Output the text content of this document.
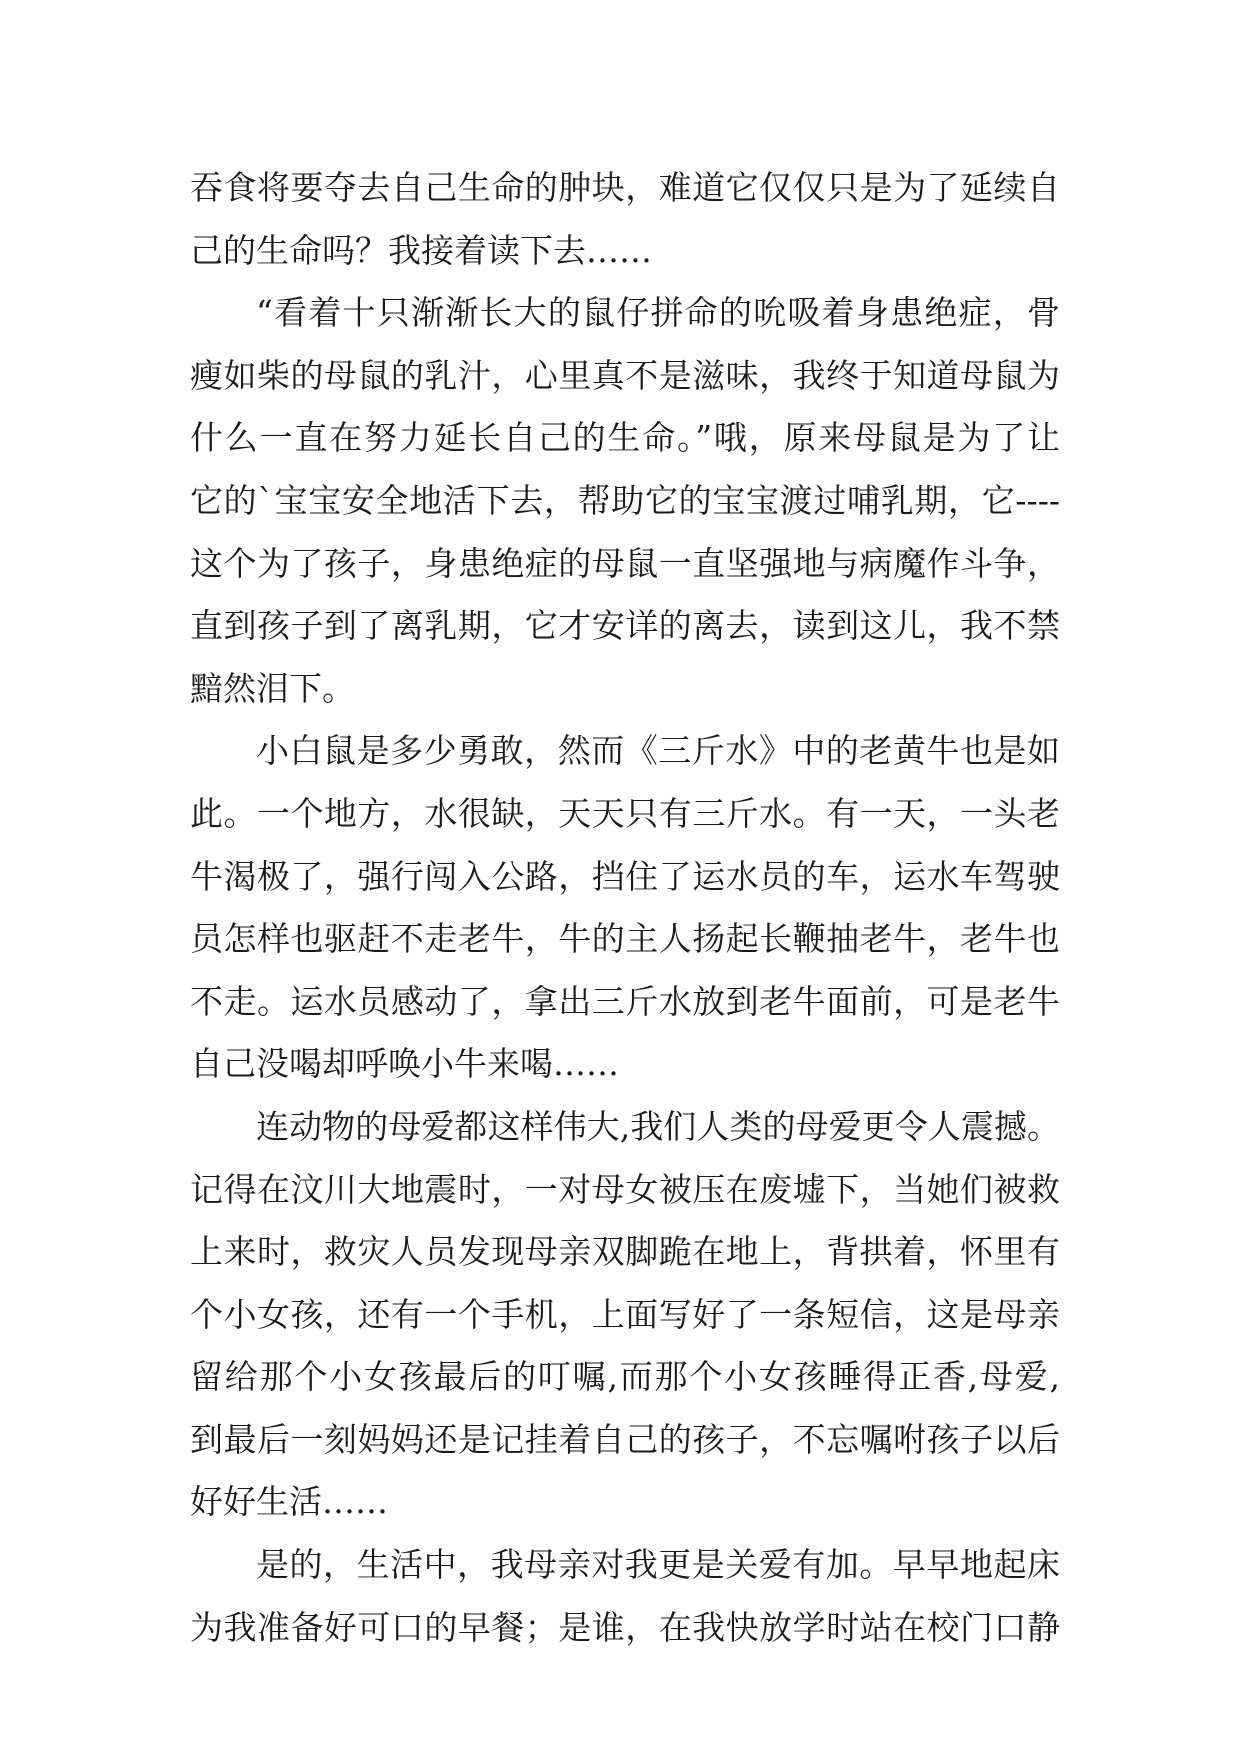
吞食将要夺去自己生命的肿块，难道它仅仅只是为了延续自
己的生命吗？我接着读下去……
“看着十只渐渐长大的鼠仔拼命的吮吸着身患绝症，骨
瘦如柴的母鼠的乳汁，心里真不是滋味，我终于知道母鼠为
什么一直在努力延长自己的生命。”哦，原来母鼠是为了让
它的`宝宝安全地活下去，帮助它的宝宝渡过哺乳期，它----
这个为了孩子，身患绝症的母鼠一直坚强地与病魔作斗争，
直到孩子到了离乳期，它才安详的离去，读到这儿，我不禁
黯然泪下。
小白鼠是多少勇敢，然而《三斤水》中的老黄牛也是如
此。一个地方，水很缺，天天只有三斤水。有一天，一头老
牛渴极了，强行闯入公路，挡住了运水员的车，运水车驾驶
员怎样也驱赶不走老牛，牛的主人扬起长鞭抽老牛，老牛也
不走。运水员感动了，拿出三斤水放到老牛面前，可是老牛
自己没喝却呼唤小牛来喝……
连动物的母爱都这样伟大,我们人类的母爱更令人震撼。
记得在汶川大地震时，一对母女被压在废墟下，当她们被救
上来时，救灾人员发现母亲双脚跪在地上，背拱着，怀里有
个小女孩，还有一个手机，上面写好了一条短信，这是母亲
留给那个小女孩最后的叮嘱,而那个小女孩睡得正香,母爱,
到最后一刻妈妈还是记挂着自己的孩子，不忘嘱咐孩子以后
好好生活……
是的，生活中，我母亲对我更是关爱有加。早早地起床
为我准备好可口的早餐；是谁，在我快放学时站在校门口静
